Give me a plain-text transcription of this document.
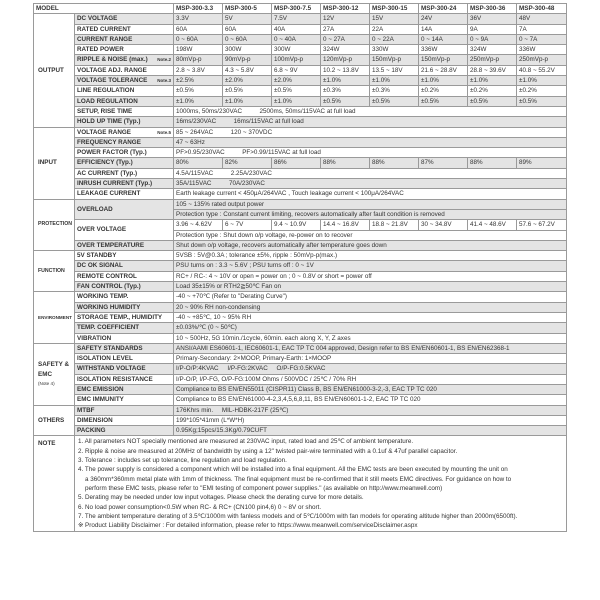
MODEL		MSP-300-3.3	MSP-300-5	MSP-300-7.5	MSP-300-12	MSP-300-15	MSP-300-24	MSP-300-36	MSP-300-48
OUTPUT	DC VOLTAGE	3.3V	5V	7.5V	12V	15V	24V	36V	48V
	RATED CURRENT	60A	60A	40A	27A	22A	14A	9A	7A
	CURRENT RANGE	0 ~ 60A	0 ~ 60A	0 ~ 40A	0 ~ 27A	0 ~ 22A	0 ~ 14A	0 ~ 9A	0 ~ 7A
	RATED POWER	198W	300W	300W	324W	330W	336W	324W	336W
	RIPPLE & NOISE (max.) Note.2	80mVp-p	90mVp-p	100mVp-p	120mVp-p	150mVp-p	150mVp-p	250mVp-p	250mVp-p
	VOLTAGE ADJ. RANGE	2.8 ~ 3.8V	4.3 ~ 5.8V	6.8 ~ 9V	10.2 ~ 13.8V	13.5 ~ 18V	21.6 ~ 28.8V	28.8 ~ 39.6V	40.8 ~ 55.2V
	VOLTAGE TOLERANCE Note.3	±2.5%	±2.0%	±2.0%	±1.0%	±1.0%	±1.0%	±1.0%	±1.0%
	LINE REGULATION	±0.5%	±0.5%	±0.5%	±0.3%	±0.3%	±0.2%	±0.2%	±0.2%
	LOAD REGULATION	±1.0%	±1.0%	±1.0%	±0.5%	±0.5%	±0.5%	±0.5%	±0.5%
	SETUP, RISE TIME	1000ms, 50ms/230VAC          2500ms, 50ms/115VAC at full load							
	HOLD UP TIME (Typ.)	16ms/230VAC          16ms/115VAC at full load							
INPUT	VOLTAGE RANGE Note.5	85 ~ 264VAC          120 ~ 370VDC							
	FREQUENCY RANGE	47 ~ 63Hz							
	POWER FACTOR (Typ.)	PF>0.95/230VAC          PF>0.99/115VAC at full load							
	EFFICIENCY (Typ.)	80%	82%	86%	88%	88%	87%	88%	89%
	AC CURRENT (Typ.)	4.5A/115VAC          2.25A/230VAC							
	INRUSH CURRENT (Typ.)	35A/115VAC          70A/230VAC							
	LEAKAGE CURRENT	Earth leakage current < 450μA/264VAC , Touch leakage current < 100μA/264VAC							
PROTECTION	OVERLOAD	105 ~ 135% rated output power							
		Protection type : Constant current limiting, recovers automatically after fault condition is removed							
	OVER VOLTAGE	3.96 ~ 4.62V	6 ~ 7V	9.4 ~ 10.9V	14.4 ~ 16.8V	18.8 ~ 21.8V	30 ~ 34.8V	41.4 ~ 48.6V	57.6 ~ 67.2V
		Protection type : Shut down o/p voltage, re-power on to recover							
	OVER TEMPERATURE	Shut down o/p voltage, recovers automatically after temperature goes down							
FUNCTION	5V STANDBY	5VSB : 5V@0.3A ; tolerance ±5%, ripple : 50mVp-p(max.)							
	DC OK SIGNAL	PSU turns on : 3.3 ~ 5.6V ; PSU turns off : 0 ~ 1V							
	REMOTE CONTROL	RC+ / RC-: 4 ~ 10V or open = power on ; 0 ~ 0.8V or short = power off							
	FAN CONTROL (Typ.)	Load 35±15% or RTH2≧50℃ Fan on							
ENVIRONMENT	WORKING TEMP.	-40 ~ +70℃ (Refer to "Derating Curve")							
	WORKING HUMIDITY	20 ~ 90% RH non-condensing							
	STORAGE TEMP., HUMIDITY	-40 ~ +85℃, 10 ~ 95% RH							
	TEMP. COEFFICIENT	±0.03%/℃ (0 ~ 50℃)							
	VIBRATION	10 ~ 500Hz, 5G 10min./1cycle, 60min. each along X, Y, Z axes							

SAFETY &
EMC
(Note 4)	SAFETY STANDARDS	ANSI/AAMI ES60601-1, IEC60601-1, EAC TP TC 004 approved, Design refer to BS EN/EN60601-1, BS EN/EN62368-1							
	ISOLATION LEVEL	Primary-Secondary: 2×MOOP, Primary-Earth: 1×MOOP							
	WITHSTAND VOLTAGE	I/P-O/P:4KVAC     I/P-FG:2KVAC     O/P-FG:0.5KVAC							
	ISOLATION RESISTANCE	I/P-O/P, I/P-FG, O/P-FG:100M Ohms / 500VDC / 25℃ / 70% RH							
	EMC EMISSION	Compliance to BS EN/EN55011 (CISPR11) Class B, BS EN/EN61000-3-2,-3, EAC TP TC 020							
	EMC IMMUNITY	Compliance to BS EN/EN61000-4-2,3,4,5,6,8,11, BS EN/EN60601-1-2, EAC TP TC 020							
OTHERS	MTBF	176Khrs min.     MIL-HDBK-217F (25℃)							
	DIMENSION	199*105*41mm (L*W*H)							
	PACKING	0.95Kg;15pcs/15.3Kg/0.79CUFT							
NOTE	1. All parameters NOT specially mentioned are measured at 230VAC input, rated load and 25℃ of ambient temperature.
2. Ripple & noise are measured at 20MHz of bandwidth by using a 12" twisted pair-wire terminated with a 0.1uf & 47uf parallel capacitor.
3. Tolerance : includes set up tolerance, line regulation and load regulation.
4. The power supply is considered a component which will be installed into a final equipment. All the EMC tests are been executed by mounting the unit on
a 360mm*360mm metal plate with 1mm of thickness. The final equipment must be re-confirmed that it still meets EMC directives. For guidance on how to
perform these EMC tests, please refer to "EMI testing of component power supplies." (as available on http://www.meanwell.com)
5. Derating may be needed under low input voltages. Please check the derating curve for more details.
6. No load power consumption<0.5W when RC- & RC+ (CN100 pin4,6) 0 ~ 8V or short.
7. The ambient temperature derating of 3.5℃/1000m with fanless models and of 5℃/1000m with fan models for operating altitude higher than 2000m(6500ft).
※ Product Liability Disclaimer : For detailed information, please refer to https://www.meanwell.com/serviceDisclaimer.aspx
